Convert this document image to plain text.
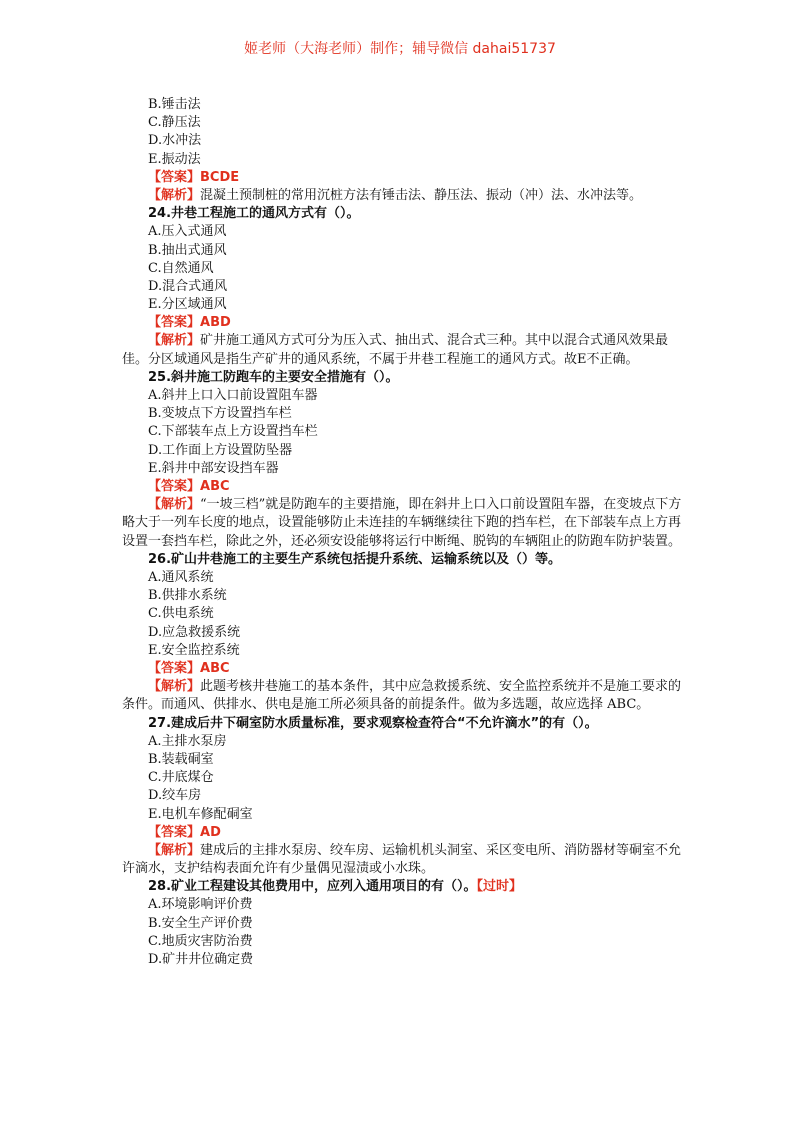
姬老师（大海老师）制作；辅导微信 dahai51737
B.锤击法
C.静压法
D.水冲法
E.振动法
【答案】BCDE
【解析】混凝土预制桩的常用沉桩方法有锤击法、静压法、振动（冲）法、水冲法等。
24.井巷工程施工的通风方式有（）。
A.压入式通风
B.抽出式通风
C.自然通风
D.混合式通风
E.分区域通风
【答案】ABD
【解析】矿井施工通风方式可分为压入式、抽出式、混合式三种。其中以混合式通风效果最佳。分区域通风是指生产矿井的通风系统，不属于井巷工程施工的通风方式。故E不正确。
25.斜井施工防跑车的主要安全措施有（）。
A.斜井上口入口前设置阻车器
B.变坡点下方设置挡车栏
C.下部装车点上方设置挡车栏
D.工作面上方设置防坠器
E.斜井中部安设挡车器
【答案】ABC
【解析】“一坡三档”就是防跑车的主要措施，即在斜井上口入口前设置阻车器，在变坡点下方略大于一列车长度的地点，设置能够防止未连挂的车辆继续往下跑的挡车栏，在下部装车点上方再设置一套挡车栏，除此之外，还必须安设能够将运行中断绳、脱钩的车辆阻止的防跑车防护装置。
26.矿山井巷施工的主要生产系统包括提升系统、运输系统以及（）等。
A.通风系统
B.供排水系统
C.供电系统
D.应急救援系统
E.安全监控系统
【答案】ABC
【解析】此题考核井巷施工的基本条件，其中应急救援系统、安全监控系统并不是施工要求的条件。而通风、供排水、供电是施工所必须具备的前提条件。做为多选题，故应选择 ABC。
27.建成后井下硐室防水质量标准，要求观察检查符合“不允许滴水”的有（）。
A.主排水泵房
B.装载硐室
C.井底煤仓
D.绞车房
E.电机车修配硐室
【答案】AD
【解析】建成后的主排水泵房、绞车房、运输机机头洞室、采区变电所、消防器材等硐室不允许滴水，支护结构表面允许有少量偶见湿渍或小水珠。
28.矿业工程建设其他费用中，应列入通用项目的有（）。【过时】
A.环境影响评价费
B.安全生产评价费
C.地质灾害防治费
D.矿井井位确定费
